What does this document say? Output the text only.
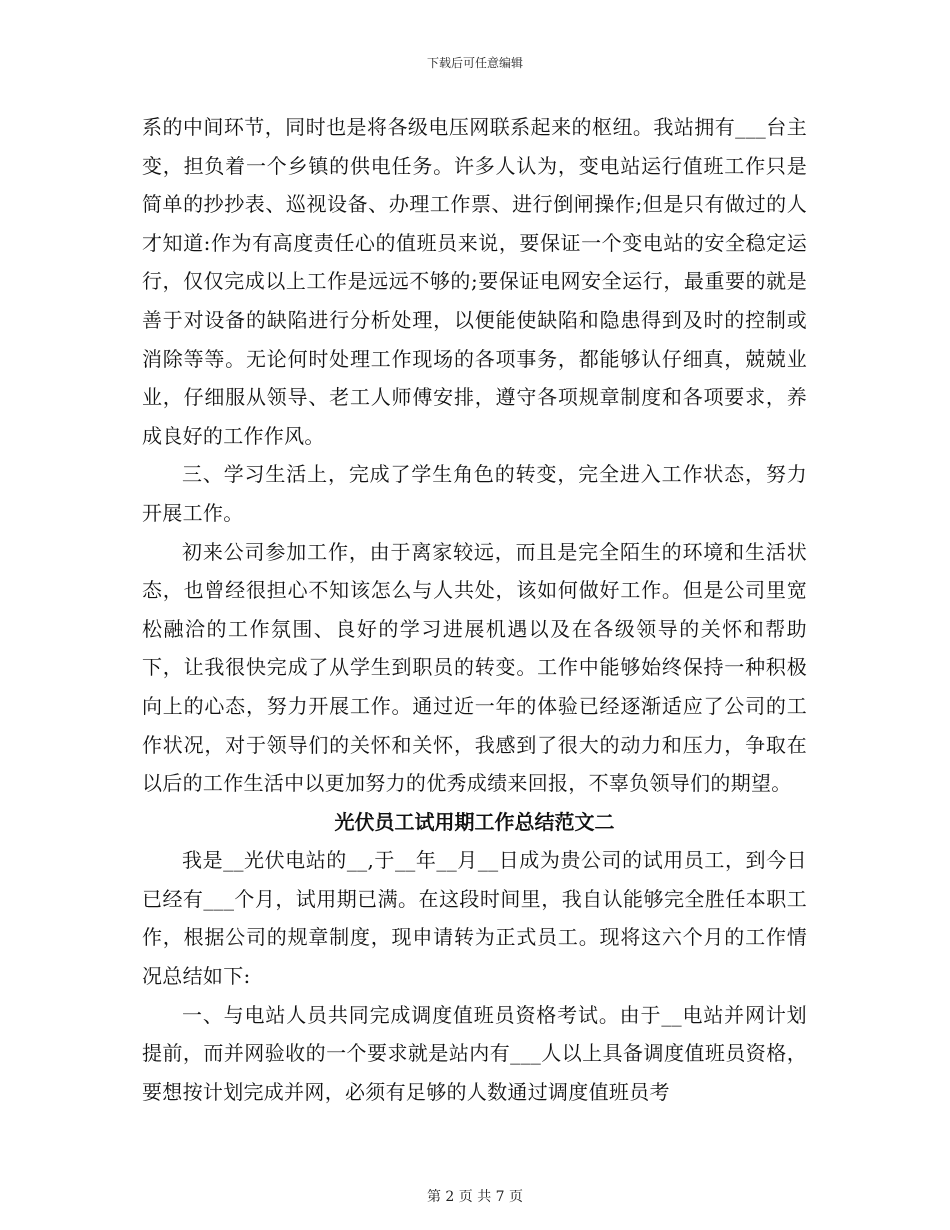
下载后可任意编辑

系的中间环节，同时也是将各级电压网联系起来的枢纽。我站拥有___台主变，担负着一个乡镇的供电任务。许多人认为，变电站运行值班工作只是简单的抄抄表、巡视设备、办理工作票、进行倒闸操作;但是只有做过的人才知道:作为有高度责任心的值班员来说，要保证一个变电站的安全稳定运行，仅仅完成以上工作是远远不够的;要保证电网安全运行，最重要的就是善于对设备的缺陷进行分析处理，以便能使缺陷和隐患得到及时的控制或消除等等。无论何时处理工作现场的各项事务，都能够认仔细真，兢兢业业，仔细服从领导、老工人师傅安排，遵守各项规章制度和各项要求，养成良好的工作作风。

三、学习生活上，完成了学生角色的转变，完全进入工作状态，努力开展工作。

初来公司参加工作，由于离家较远，而且是完全陌生的环境和生活状态，也曾经很担心不知该怎么与人共处，该如何做好工作。但是公司里宽松融洽的工作氛围、良好的学习进展机遇以及在各级领导的关怀和帮助下，让我很快完成了从学生到职员的转变。工作中能够始终保持一种积极向上的心态，努力开展工作。通过近一年的体验已经逐渐适应了公司的工作状况，对于领导们的关怀和关怀，我感到了很大的动力和压力，争取在以后的工作生活中以更加努力的优秀成绩来回报，不辜负领导们的期望。

光伏员工试用期工作总结范文二

我是__光伏电站的__,于__年__月__日成为贵公司的试用员工，到今日已经有___个月，试用期已满。在这段时间里，我自认能够完全胜任本职工作，根据公司的规章制度，现申请转为正式员工。现将这六个月的工作情况总结如下:

一、与电站人员共同完成调度值班员资格考试。由于__电站并网计划提前，而并网验收的一个要求就是站内有___人以上具备调度值班员资格，要想按计划完成并网，必须有足够的人数通过调度值班员考

第 2 页 共 7 页
